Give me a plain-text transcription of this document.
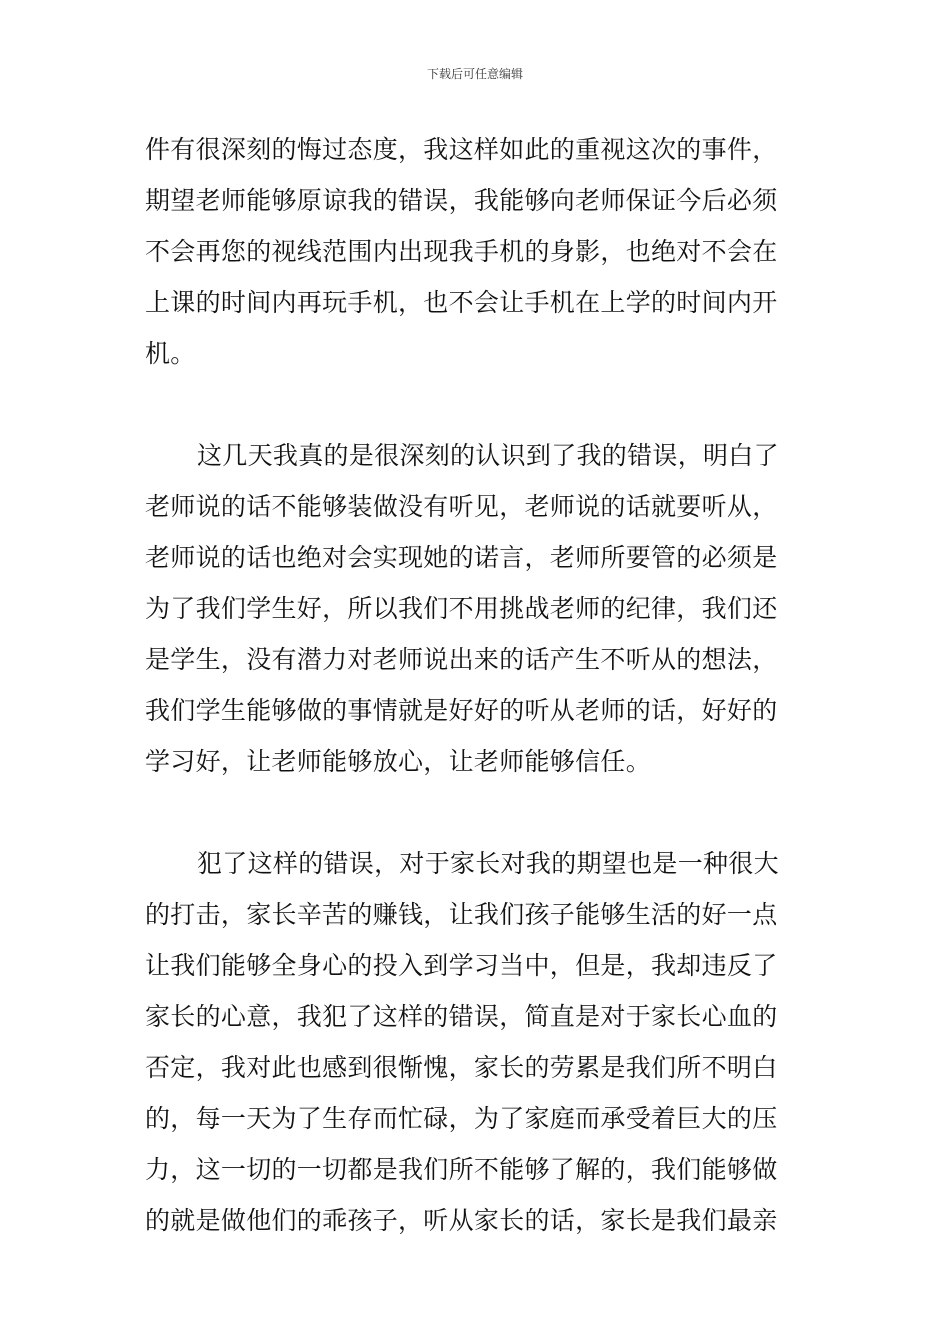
下载后可任意编辑
件有很深刻的悔过态度，我这样如此的重视这次的事件，
期望老师能够原谅我的错误，我能够向老师保证今后必须
不会再您的视线范围内出现我手机的身影，也绝对不会在
上课的时间内再玩手机，也不会让手机在上学的时间内开
机。
这几天我真的是很深刻的认识到了我的错误，明白了
老师说的话不能够装做没有听见，老师说的话就要听从，
老师说的话也绝对会实现她的诺言，老师所要管的必须是
为了我们学生好，所以我们不用挑战老师的纪律，我们还
是学生，没有潜力对老师说出来的话产生不听从的想法，
我们学生能够做的事情就是好好的听从老师的话，好好的
学习好，让老师能够放心，让老师能够信任。
犯了这样的错误，对于家长对我的期望也是一种很大
的打击，家长辛苦的赚钱，让我们孩子能够生活的好一点
让我们能够全身心的投入到学习当中，但是，我却违反了
家长的心意，我犯了这样的错误，简直是对于家长心血的
否定，我对此也感到很惭愧，家长的劳累是我们所不明白
的，每一天为了生存而忙碌，为了家庭而承受着巨大的压
力，这一切的一切都是我们所不能够了解的，我们能够做
的就是做他们的乖孩子，听从家长的话，家长是我们最亲
